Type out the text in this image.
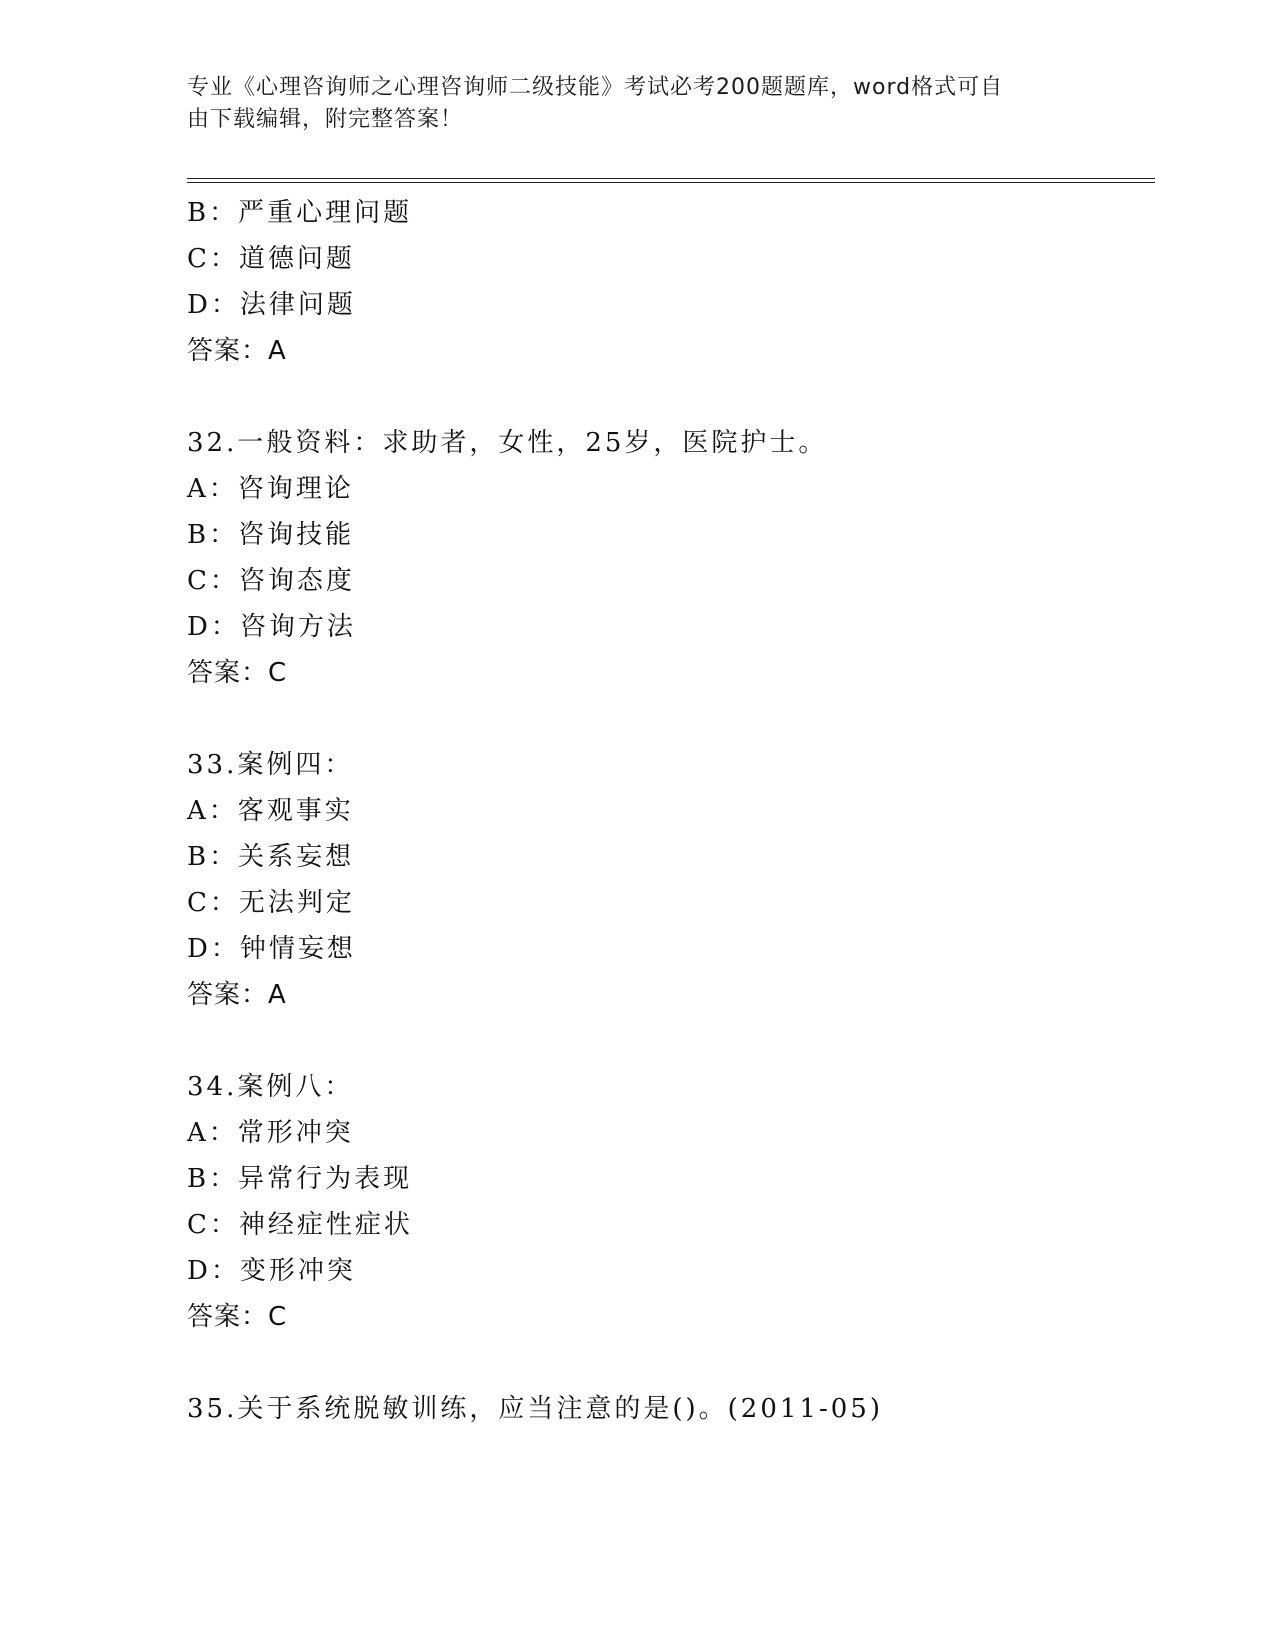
专业《心理咨询师之心理咨询师二级技能》考试必考200题题库，word格式可自
由下载编辑，附完整答案！
B：严重心理问题
C：道德问题
D：法律问题
答案：A
32.一般资料：求助者，女性，25岁，医院护士。
A：咨询理论
B：咨询技能
C：咨询态度
D：咨询方法
答案：C
33.案例四：
A：客观事实
B：关系妄想
C：无法判定
D：钟情妄想
答案：A
34.案例八：
A：常形冲突
B：异常行为表现
C：神经症性症状
D：变形冲突
答案：C
35.关于系统脱敏训练，应当注意的是()。(2011-05)
